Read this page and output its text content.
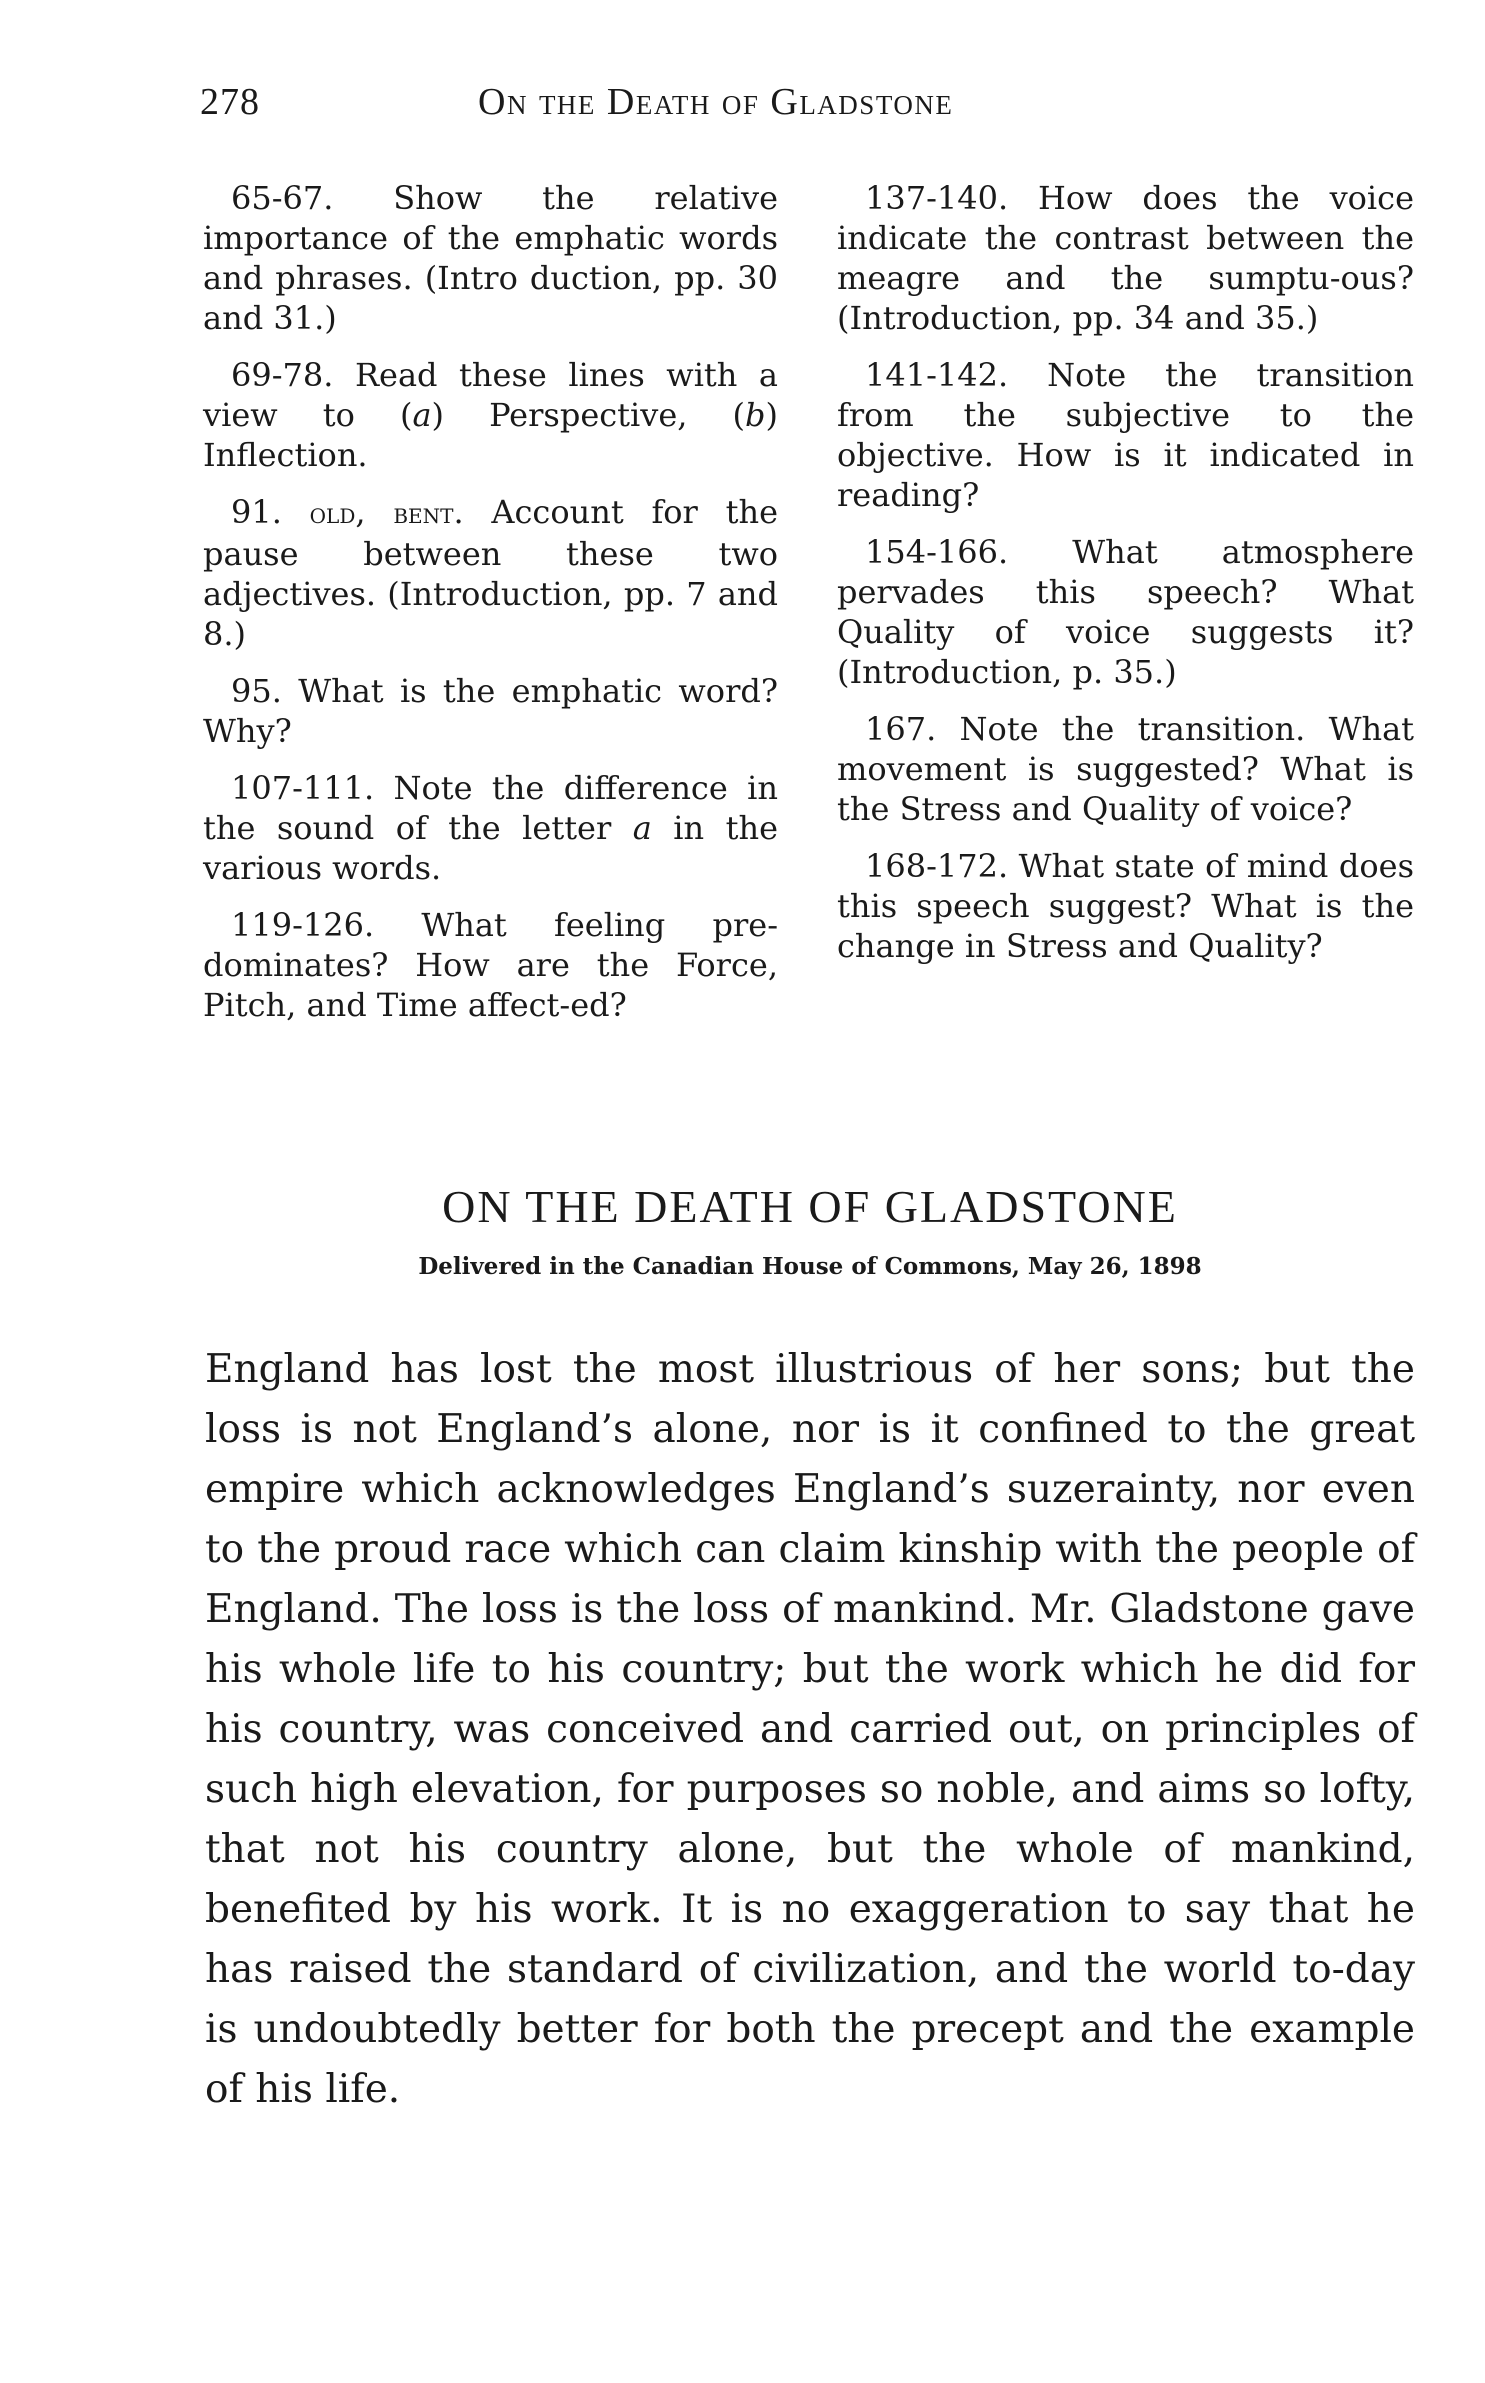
278	On the Death of Gladstone

65-67. Show the relative importance of the emphatic words and phrases. (Intro duction, pp. 30 and 31.)

69-78. Read these lines with a view to (a) Perspective, (b) Inflection.

91. old, bent. Account for the pause between these two adjectives. (Introduction, pp. 7 and 8.)

95. What is the emphatic word? Why?

107-111. Note the difference in the sound of the letter a in the various words.

119-126. What feeling pre-dominates? How are the Force, Pitch, and Time affect-ed?

137-140. How does the voice indicate the contrast between the meagre and the sumptu-ous? (Introduction, pp. 34 and 35.)

141-142. Note the transition from the subjective to the objective. How is it indicated in reading?

154-166. What atmosphere pervades this speech? What Quality of voice suggests it? (Introduction, p. 35.)

167. Note the transition. What movement is suggested? What is the Stress and Quality of voice?

168-172. What state of mind does this speech suggest? What is the change in Stress and Quality?

ON THE DEATH OF GLADSTONE
Delivered in the Canadian House of Commons, May 26, 1898

England has lost the most illustrious of her sons; but the loss is not England’s alone, nor is it confined to the great empire which acknowledges England’s suzerainty, nor even to the proud race which can claim kinship with the people of England. The loss is the loss of mankind. Mr. Gladstone gave his whole life to his country; but the work which he did for his country, was conceived and carried out, on principles of such high elevation, for purposes so noble, and aims so lofty, that not his country alone, but the whole of mankind, benefited by his work. It is no exaggeration to say that he has raised the standard of civilization, and the world to-day is undoubtedly better for both the precept and the example of his life.
